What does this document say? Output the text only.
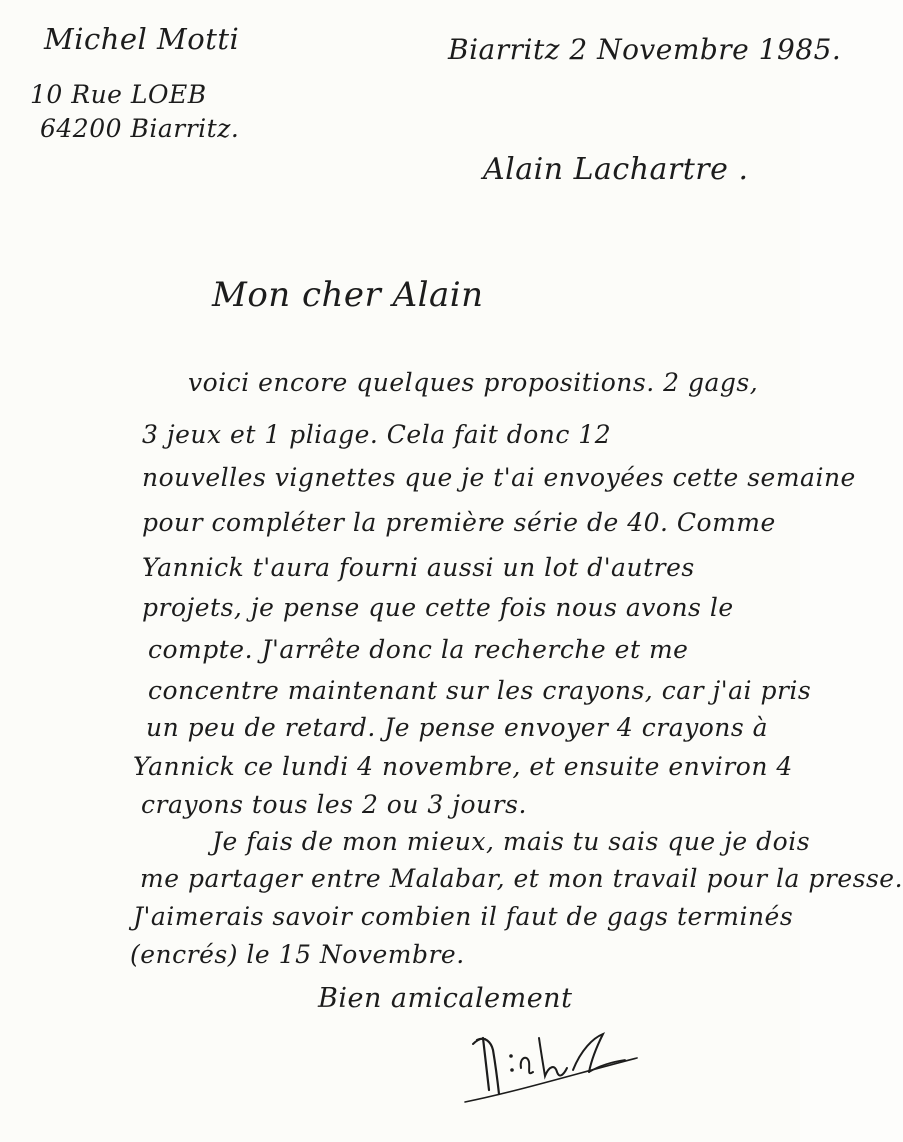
Michel Motti
10 Rue LOEB
64200 Biarritz.
Biarritz 2 Novembre 1985.
Alain Lachartre .
Mon cher Alain
voici encore quelques propositions. 2 gags,
3 jeux et 1 pliage. Cela fait donc 12
nouvelles vignettes que je t'ai envoyées cette semaine
pour compléter la première série de 40. Comme
Yannick t'aura fourni aussi un lot d'autres
projets, je pense que cette fois nous avons le
compte. J'arrête donc la recherche et me
concentre maintenant sur les crayons, car j'ai pris
un peu de retard. Je pense envoyer 4 crayons à
Yannick ce lundi 4 novembre, et ensuite environ 4
crayons tous les 2 ou 3 jours.
Je fais de mon mieux, mais tu sais que je dois
me partager entre Malabar, et mon travail pour la presse.
J'aimerais savoir combien il faut de gags terminés
(encrés) le 15 Novembre.
Bien amicalement
